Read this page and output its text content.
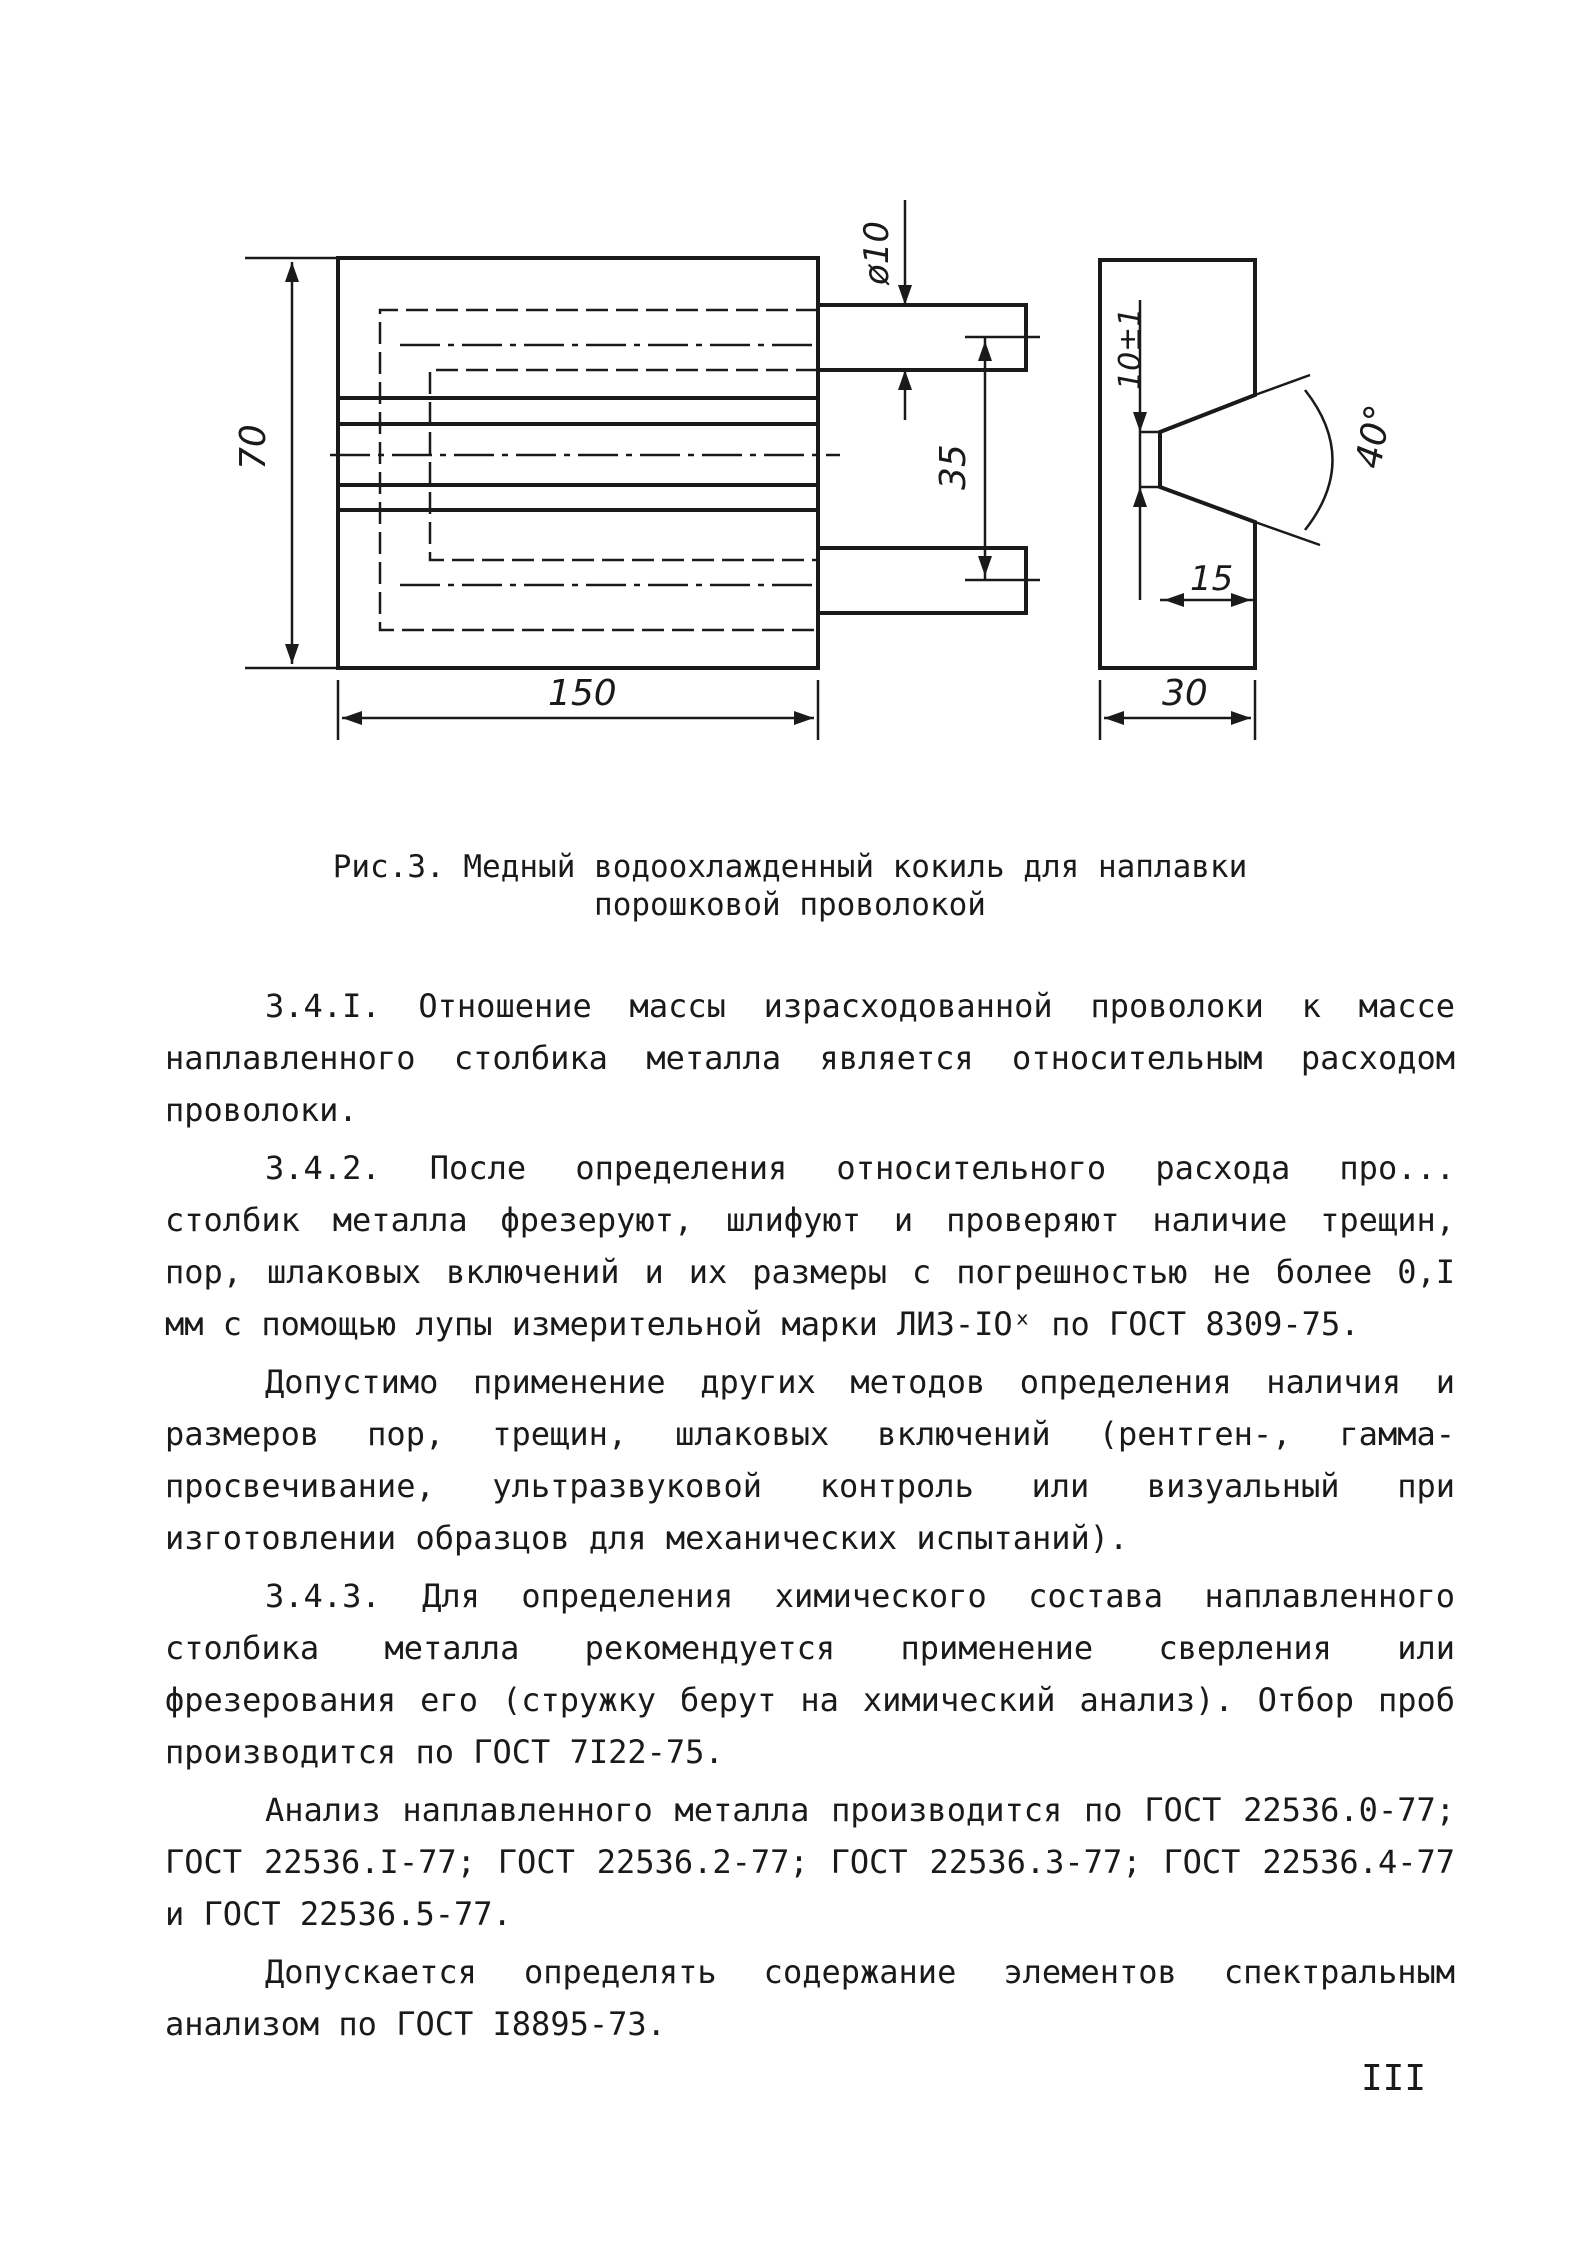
70
150
ø10
35
10±1
40°
15
30
Рис.3. Медный водоохлажденный кокиль для наплавки
порошковой проволокой

3.4.I. Отношение массы израсходованной проволоки к массе наплавленного столбика металла является относительным расходом проволоки.

3.4.2. После определения относительного расхода про... столбик металла фрезеруют, шлифуют и проверяют наличие трещин, пор, шлаковых включений и их размеры с погрешностью не более 0,I мм с помощью лупы измерительной марки ЛИЗ-IOˣ по ГОСТ 8309-75.

Допустимо применение других методов определения наличия и размеров пор, трещин, шлаковых включений (рентген-, гамма-просвечивание, ультразвуковой контроль или визуальный при изготовлении образцов для механических испытаний).

3.4.3. Для определения химического состава наплавленного столбика металла рекомендуется применение сверления или фрезерования его (стружку берут на химический анализ). Отбор проб производится по ГОСТ 7I22-75.

Анализ наплавленного металла производится по ГОСТ 22536.0-77; ГОСТ 22536.I-77; ГОСТ 22536.2-77; ГОСТ 22536.3-77; ГОСТ 22536.4-77 и ГОСТ 22536.5-77.

Допускается определять содержание элементов спектральным анализом по ГОСТ I8895-73.

III
